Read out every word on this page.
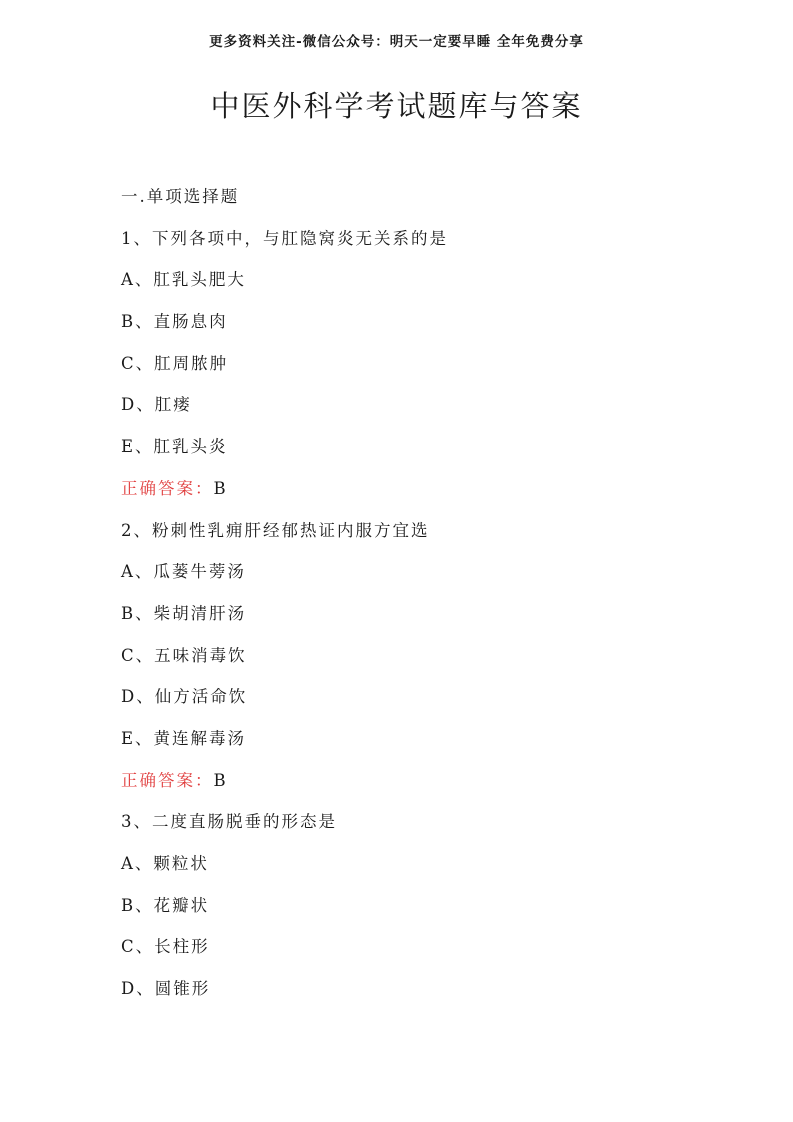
更多资料关注-微信公众号：明天一定要早睡 全年免费分享
中医外科学考试题库与答案
一.单项选择题
1、下列各项中，与肛隐窝炎无关系的是
A、肛乳头肥大
B、直肠息肉
C、肛周脓肿
D、肛瘘
E、肛乳头炎
正确答案：B
2、粉刺性乳痈肝经郁热证内服方宜选
A、瓜蒌牛蒡汤
B、柴胡清肝汤
C、五味消毒饮
D、仙方活命饮
E、黄连解毒汤
正确答案：B
3、二度直肠脱垂的形态是
A、颗粒状
B、花瓣状
C、长柱形
D、圆锥形
